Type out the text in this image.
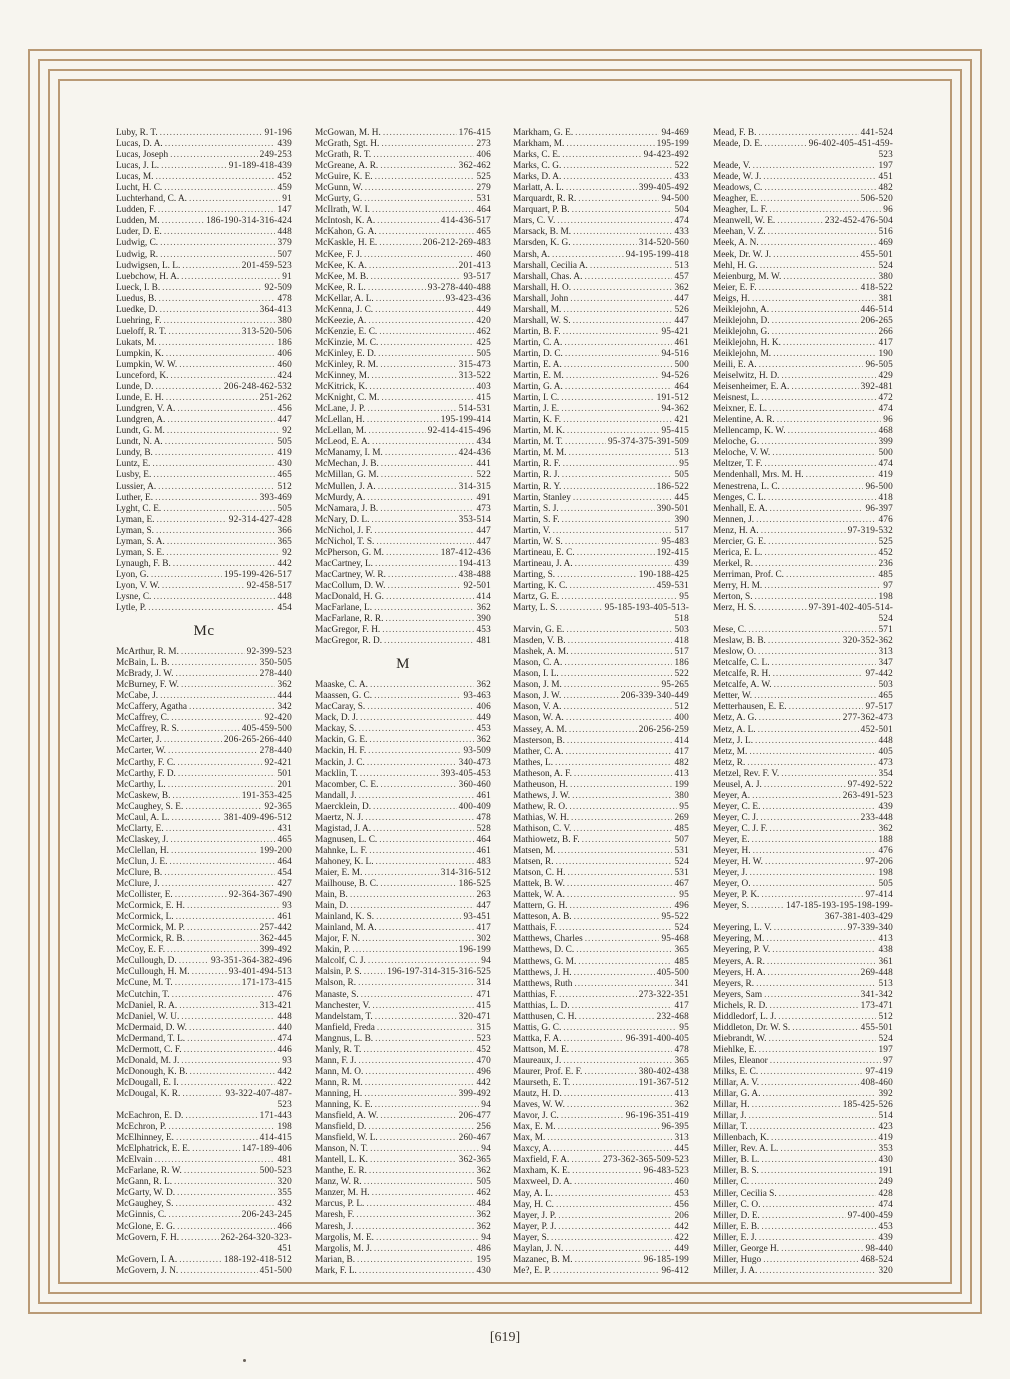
Luby, R. T. .....	91-196
Lucas, D. A. .....	439
Lucas, Joseph .....	249-253
Lucas, J. L. .....	91-189-418-439
Lucas, M. .....	452
Lucht, H. C. .....	459
Luchterhand, C. A. .....	91
Ludden, F. .....	147
Ludden, M. .....	186-190-314-316-424
Luder, D. E. .....	448
Ludwig, C. .....	379
Ludwig, R. .....	507
Ludwigsen, L. L. .....	201-459-523
Luebchow, H. A. .....	91
Lueck, I. B. .....	92-509
Luedus, B. .....	478
Luedke, D. .....	364-413
Luehring, F. .....	380
Lueloff, R. T. .....	313-520-506
Lukats, M. .....	186
Lumpkin, K. .....	406
Lumpkin, W. W. .....	460
Lunceford, K. .....	424
Lunde, D. .....	206-248-462-532
Lunde, E. H. .....	251-262
Lundgren, V. A. .....	456
Lundgren, A. .....	447
Lundt, G. M. .....	92
Lundt, N. A. .....	505
Lundy, B. .....	419
Luntz, E. .....	430
Lusby, E. .....	465
Lussier, A. .....	512
Luther, E. .....	393-469
Lyght, C. E. .....	505
Lyman, E. .....	92-314-427-428
Lyman, S. .....	366
Lyman, S. A. .....	365
Lyman, S. E. .....	92
Lynaugh, F. B. .....	442
Lyon, G. .....	195-199-426-517
Lyon, V. W. .....	92-458-517
Lysne, C. .....	448
Lytle, P. .....	454
Mc
McArthur, R. M. .....	92-399-523
McBain, L. B. .....	350-505
McBrady, J. W. .....	278-440
McBurney, F. W. .....	362
McCabe, J. .....	444
McCaffery, Agatha .....	342
McCaffrey, C. .....	92-420
McCaffrey, R. S. .....	405-459-500
McCarter, J. .....	206-265-266-440
McCarter, W. .....	278-440
McCarthy, F. C. .....	92-421
McCarthy, F. D. .....	501
McCarthy, L. .....	201
McCaskew, B. .....	191-353-425
McCaughey, S. E. .....	92-365
McCaul, A. L. .....	381-409-496-512
McClarty, E. .....	431
McClaskey, J. .....	465
McClellan, H. .....	199-200
McClun, J. E. .....	464
McClure, B. .....	454
McClure, J. .....	427
McCollister, E. .....	92-364-367-490
McCormick, E. H. .....	93
McCormick, L. .....	461
McCormick, M. P. .....	257-442
McCormick, R. B. .....	362-445
McCoy, E. F. .....	399-492
McCullough, D. .....	93-351-364-382-496
McCullough, H. M. .....	93-401-494-513
McCune, M. T. .....	171-173-415
McCutchin, T. .....	476
McDaniel, R. A. .....	313-421
McDaniel, W. U. .....	448
McDermaid, D. W. .....	440
McDermand, T. L. .....	474
McDermott, C. F. .....	446
McDonald, M. J. .....	93
McDonough, K. B. .....	442
McDougall, E. I. .....	422
McDougal, K. R. .....	93-322-407-487-
523
McEachron, E. D. .....	171-443
McEchron, P. .....	198
McElhinney, E. .....	414-415
McElphatrick, E. E. .....	147-189-406
McElvain .....	481
McFarlane, R. W. .....	500-523
McGann, R. L. .....	320
McGarty, W. D. .....	355
McGaughey, S. .....	432
McGinnis, C. .....	206-243-245
McGlone, E. G. .....	466
McGovern, F. H. .....	262-264-320-323-
451
McGovern, I. A. .....	188-192-418-512
McGovern, J. N. .....	451-500
McGowan, M. H. .....	176-415
McGrath, Sgt. H. .....	273
McGrath, R. T. .....	406
McGreane, A. R. .....	362-462
McGuire, K. E. .....	525
McGunn, W. .....	279
McGurty, G. .....	531
McIlrath, W. I. .....	464
McIntosh, K. A. .....	414-436-517
McKahon, G. A. .....	465
McKaskle, H. E. .....	206-212-269-483
McKee, F. J. .....	460
McKee, K. A. .....	201-413
McKee, M. B. .....	93-517
McKee, R. L. .....	93-278-440-488
McKellar, A. L. .....	93-423-436
McKenna, J. C. .....	449
McKeezie, A. .....	420
McKenzie, E. C. .....	462
McKinzie, M. C. .....	425
McKinley, E. D. .....	505
McKinley, R. M. .....	315-473
McKinney, M. .....	313-522
McKitrick, K. .....	403
McKnight, C. M. .....	415
McLane, J. P. .....	514-531
McLellan, H. .....	195-199-414
McLellan, M. .....	92-414-415-496
McLeod, E. A. .....	434
McManamy, I. M. .....	424-436
McMechan, J. B. .....	441
McMillan, G. M. .....	522
McMullen, J. A. .....	314-315
McMurdy, A. .....	491
McNamara, J. B. .....	473
McNary, D. L. .....	353-514
McNichol, J. F. .....	447
McNichol, T. S. .....	447
McPherson, G. M. .....	187-412-436
MacCartney, L. .....	194-413
MacCartney, W. R. .....	438-488
MacCollum, D. W. .....	92-501
MacDonald, H. G. .....	414
MacFarlane, L. .....	362
MacFarlane, R. R. .....	390
MacGregor, F. H. .....	453
MacGregor, R. D. .....	481
M
Maaske, C. A. .....	362
Maassen, G. C. .....	93-463
MacCaray, S. .....	406
Mack, D. J. .....	449
Mackay, S. .....	453
Mackin, G. E. .....	362
Mackin, H. F. .....	93-509
Mackin, J. C. .....	340-473
Macklin, T. .....	393-405-453
Macomber, C. E. .....	360-460
Mandall, J. .....	461
Maercklein, D. .....	400-409
Maertz, N. J. .....	478
Magistad, J. A. .....	528
Magnusen, L. C. .....	464
Mahnke, L. F. .....	461
Mahoney, K. L. .....	483
Maier, E. M. .....	314-316-512
Mailhouse, B. C. .....	186-525
Main, B. .....	263
Main, D. .....	447
Mainland, K. S. .....	93-451
Mainland, M. A. .....	417
Major, F. N. .....	302
Makin, P. .....	196-199
Malcolf, C. J. .....	94
Malsin, P. S. .....	196-197-314-315-316-525
Malson, R. .....	314
Manaste, S. .....	471
Manchester, V. .....	415
Mandelstam, T. .....	320-471
Manfield, Freda .....	315
Mangnus, L. B. .....	523
Manly, R. T. .....	452
Mann, F. J. .....	470
Mann, M. O. .....	496
Mann, R. M. .....	442
Manning, H. .....	399-492
Manning, K. E. .....	94
Mansfield, A. W. .....	206-477
Mansfield, D. .....	256
Mansfield, W. L. .....	260-467
Manson, N. T. .....	94
Mantell, L. K. .....	362-365
Manthe, E. R. .....	362
Manz, W. R. .....	505
Manzer, M. H. .....	462
Marcus, P. L. .....	484
Maresh, F. .....	362
Maresh, J. .....	362
Margolis, M. E. .....	94
Margolis, M. J. .....	486
Marian, B. .....	195
Mark, F. L. .....	430
Markham, G. E. .....	94-469
Markham, M. .....	195-199
Marks, C. E. .....	94-423-492
Marks, C. G. .....	522
Marks, D. A. .....	433
Marlatt, A. L. .....	399-405-492
Marquardt, R. R. .....	94-500
Marquart, P. B. .....	504
Mars, C. V. .....	474
Marsack, B. M. .....	433
Marsden, K. G. .....	314-520-560
Marsh, A. .....	94-195-199-418
Marshall, Cecilia A. .....	513
Marshall, Chas. A. .....	457
Marshall, H. O. .....	362
Marshall, John .....	447
Marshall, M. .....	526
Marshall, W. S. .....	447
Martin, B. F. .....	95-421
Martin, C. A. .....	461
Martin, D. C. .....	94-516
Martin, E. A. .....	500
Martin, E. M. .....	94-526
Martin, G. A. .....	464
Martin, I. C. .....	191-512
Martin, J. E. .....	94-362
Martin, K. F. .....	421
Martin, M. K. .....	95-415
Martin, M. T. .....	95-374-375-391-509
Martin, M. M. .....	513
Martin, R. F. .....	95
Martin, R. J. .....	505
Martin, R. Y. .....	186-522
Martin, Stanley .....	445
Martin, S. J. .....	390-501
Martin, S. F. .....	390
Martin, V. .....	517
Martin, W. S. .....	95-483
Martineau, E. C. .....	192-415
Martineau, J. A. .....	439
Marting, S. .....	190-188-425
Marting, K. C. .....	459-531
Martz, G. E. .....	95
Marty, L. S. .....	95-185-193-405-513-
518
Marvin, G. E. .....	503
Masden, V. B. .....	418
Mashek, A. M. .....	517
Mason, C. A. .....	186
Mason, I. L. .....	522
Mason, J. M. .....	95-265
Mason, J. W. .....	206-339-340-449
Mason, V. A. .....	512
Mason, W. A. .....	400
Massey, A. M. .....	206-256-259
Masterson, B. .....	414
Mather, C. A. .....	417
Mathes, L. .....	482
Matheson, A. F. .....	413
Matheuson, H. .....	199
Mathews, J. W. .....	380
Mathew, R. O. .....	95
Mathias, W. H. .....	269
Mathison, C. V. .....	485
Mathiowetz, B. F. .....	507
Matsen, M. .....	531
Matsen, R. .....	524
Matson, C. H. .....	531
Mattek, B. W. .....	467
Mattek, W. A. .....	95
Mattern, G. H. .....	496
Matteson, A. B. .....	95-522
Matthais, F. .....	524
Matthews, Charles .....	95-468
Matthews, D. C. .....	365
Matthews, G. M. .....	485
Matthews, J. H. .....	405-500
Matthews, Ruth .....	341
Matthias, F. .....	273-322-351
Matthias, L. D. .....	417
Matthusen, C. H. .....	232-468
Mattis, G. C. .....	95
Mattka, F. A. .....	96-391-400-405
Mattson, M. E. .....	478
Maureaux, J. .....	365
Maurer, Prof. E. F. .....	380-402-438
Maurseth, E. T. .....	191-367-512
Mautz, H. D. .....	413
Maves, W. W. .....	362
Mavor, J. C. .....	96-196-351-419
Max, E. M. .....	96-395
Max, M. .....	313
Maxcy, A. .....	445
Maxfield, F. A. .....	273-362-365-509-523
Maxham, K. E. .....	96-483-523
Maxweel, D. A. .....	460
May, A. L. .....	453
May, H. C. .....	456
Mayer, J. P. .....	206
Mayer, P. J. .....	442
Mayer, S. .....	422
Maylan, J. N. .....	449
Mazanec, B. M. .....	96-185-199
Me?, E. P. .....	96-412
Mead, F. B. .....	441-524
Meade, D. E. .....	96-402-405-451-459-
523
Meade, V. .....	197
Meade, W. J. .....	451
Meadows, C. .....	482
Meagher, E. .....	506-520
Meagher, L. F. .....	96
Meanwell, W. E. .....	232-452-476-504
Meehan, V. Z. .....	516
Meek, A. N. .....	469
Meek, Dr. W. J. .....	455-501
Mehl, H. G. .....	524
Meienburg, M. W. .....	380
Meier, E. F. .....	418-522
Meigs, H. .....	381
Meiklejohn, A. .....	446-514
Meiklejohn, D. .....	206-265
Meiklejohn, G. .....	266
Meiklejohn, H. K. .....	417
Meiklejohn, M. .....	190
Meili, E. A. .....	96-505
Meiselwitz, H. D. .....	429
Meisenheimer, E. A. .....	392-481
Meisnest, L. .....	472
Meixner, E. L. .....	474
Melentine, A. R. .....	96
Mellencamp, K. W. .....	468
Meloche, G. .....	399
Meloche, V. W. .....	500
Meltzer, T. F. .....	474
Mendenhall, Mrs. M. H. .....	419
Menestrena, L. C. .....	96-500
Menges, C. L. .....	418
Menhall, E. A. .....	96-397
Mennen, J. .....	476
Menz, H. A. .....	97-319-532
Mercier, G. E. .....	525
Merica, E. L. .....	452
Merkel, R. .....	236
Merriman, Prof. C. .....	485
Merry, H. M. .....	97
Merton, S. .....	198
Merz, H. S. .....	97-391-402-405-514-
524
Mese, C. .....	571
Meslaw, B. B. .....	320-352-362
Meslow, O. .....	313
Metcalfe, C. L. .....	347
Metcalfe, R. H. .....	97-442
Metcalfe, A. W. .....	503
Metter, W. .....	465
Metterhausen, E. E. .....	97-517
Metz, A. G. .....	277-362-473
Metz, A. L. .....	452-501
Metz, J. L. .....	448
Metz, M. .....	405
Metz, R. .....	473
Metzel, Rev. F. V. .....	354
Meusel, A. J. .....	97-492-522
Meyer, A. .....	263-491-523
Meyer, C. E. .....	439
Meyer, C. J. .....	233-448
Meyer, C. J. F. .....	362
Meyer, E. .....	188
Meyer, H. .....	476
Meyer, H. W. .....	97-206
Meyer, J. .....	198
Meyer, O. .....	505
Meyer, P. K. .....	97-414
Meyer, S. .....	147-185-193-195-198-199-
367-381-403-429
Meyering, L. V. .....	97-339-340
Meyering, M. .....	413
Meyering, P. V. .....	438
Meyers, A. R. .....	361
Meyers, H. A. .....	269-448
Meyers, R. .....	513
Meyers, Sam .....	341-342
Michels, R. D. .....	173-471
Middledorf, L. J. .....	512
Middleton, Dr. W. S. .....	455-501
Miebrandt, W. .....	524
Miehlke, E. .....	197
Miles, Eleanor .....	97
Milks, E. C. .....	97-419
Millar, A. V. .....	408-460
Millar, G. A. .....	392
Millar, H. .....	185-425-526
Millar, J. .....	514
Millar, T. .....	423
Millenbach, K. .....	419
Miller, Rev. A. L. .....	353
Miller, B. L. .....	430
Miller, B. S. .....	191
Miller, C. .....	249
Miller, Cecilia S. .....	428
Miller, C. O. .....	474
Miller, D. E. .....	97-400-459
Miller, E. B. .....	453
Miller, E. J. .....	439
Miller, George H. .....	98-440
Miller, Hugo .....	468-524
Miller, J. A. .....	320
[619]
